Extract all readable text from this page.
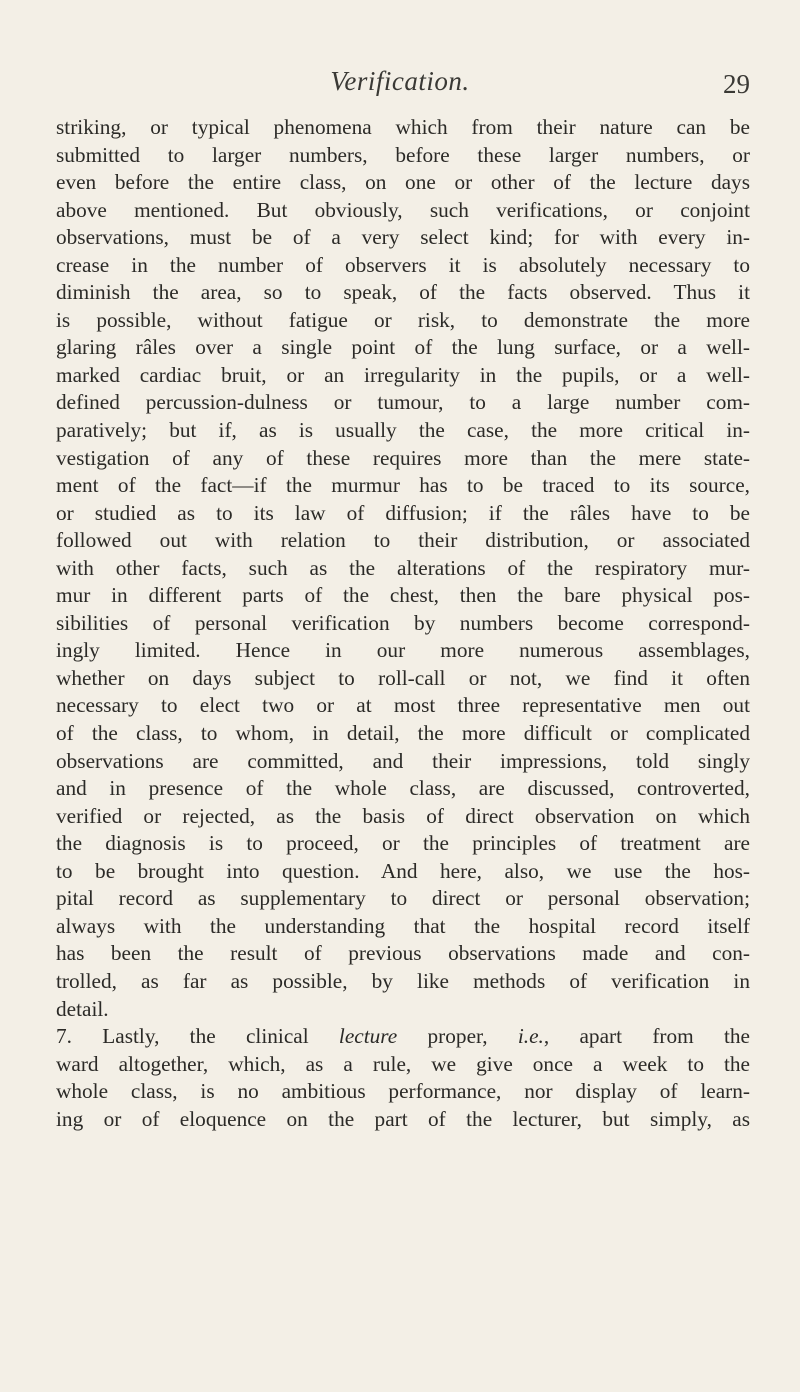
Verification.	29
striking, or typical phenomena which from their nature can be
submitted to larger numbers, before these larger numbers, or
even before the entire class, on one or other of the lecture days
above mentioned. But obviously, such verifications, or conjoint
observations, must be of a very select kind; for with every in-
crease in the number of observers it is absolutely necessary to
diminish the area, so to speak, of the facts observed. Thus it
is possible, without fatigue or risk, to demonstrate the more
glaring râles over a single point of the lung surface, or a well-
marked cardiac bruit, or an irregularity in the pupils, or a well-
defined percussion-dulness or tumour, to a large number com-
paratively; but if, as is usually the case, the more critical in-
vestigation of any of these requires more than the mere state-
ment of the fact—if the murmur has to be traced to its source,
or studied as to its law of diffusion; if the râles have to be
followed out with relation to their distribution, or associated
with other facts, such as the alterations of the respiratory mur-
mur in different parts of the chest, then the bare physical pos-
sibilities of personal verification by numbers become correspond-
ingly limited. Hence in our more numerous assemblages,
whether on days subject to roll-call or not, we find it often
necessary to elect two or at most three representative men out
of the class, to whom, in detail, the more difficult or complicated
observations are committed, and their impressions, told singly
and in presence of the whole class, are discussed, controverted,
verified or rejected, as the basis of direct observation on which
the diagnosis is to proceed, or the principles of treatment are
to be brought into question. And here, also, we use the hos-
pital record as supplementary to direct or personal observation;
always with the understanding that the hospital record itself
has been the result of previous observations made and con-
trolled, as far as possible, by like methods of verification in
detail.
7. Lastly, the clinical lecture proper, i.e., apart from the
ward altogether, which, as a rule, we give once a week to the
whole class, is no ambitious performance, nor display of learn-
ing or of eloquence on the part of the lecturer, but simply, as
